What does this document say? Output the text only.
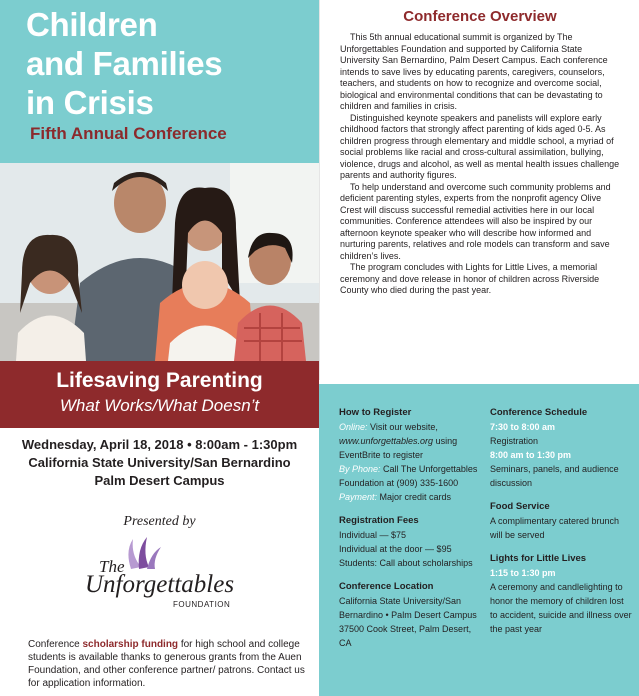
Children
and Families
in Crisis
Fifth Annual Conference
Lifesaving Parenting
What Works/What Doesn’t
Wednesday, April 18, 2018 • 8:00am - 1:30pm
California State University/San Bernardino
Palm Desert Campus
Presented by
The
Unforgettables
FOUNDATION
Conference scholarship funding for high school and college students is available thanks to generous grants from the Auen Foundation, and other conference partner/ patrons. Contact us for application information.
Conference Overview

This 5th annual educational summit is organized by The Unforgettables Foundation and supported by California State University San Bernardino, Palm Desert Campus. Each conference intends to save lives by educating parents, caregivers, counselors, teachers, and students on how to recognize and overcome social, biological and environmental conditions that can be devastating to children and families in crisis.

Distinguished keynote speakers and panelists will explore early childhood factors that strongly affect parenting of kids aged 0-5. As children progress through elementary and middle school, a myriad of social problems like racial and cross-cultural assimilation, bullying, violence, drugs and alcohol, as well as mental health issues challenge parents and authority figures.

To help understand and overcome such community problems and deficient parenting styles, experts from the nonprofit agency Olive Crest will discuss successful remedial activities here in our local communities. Conference attendees will also be inspired by our afternoon keynote speaker who will describe how informed and nurturing parents, relatives and role models can transform and save children’s lives.

The program concludes with Lights for Little Lives, a memorial ceremony and dove release in honor of children across Riverside County who died during the past year.

How to Register
Online: Visit our website, www.unforgettables.org using EventBrite to register
By Phone: Call The Unforgettables Foundation at (909) 335-1600
Payment: Major credit cards
Registration Fees
Individual — $75
Individual at the door — $95
Students: Call about scholarships
Conference Location
California State University/San Bernardino • Palm Desert Campus
37500 Cook Street, Palm Desert, CA
Conference Schedule
7:30 to 8:00 am
Registration
8:00 am to 1:30 pm
Seminars, panels, and audience discussion
Food Service
A complimentary catered brunch will be served
Lights for Little Lives
1:15 to 1:30 pm
A ceremony and candlelighting to honor the memory of children lost to accident, suicide and illness over the past year
